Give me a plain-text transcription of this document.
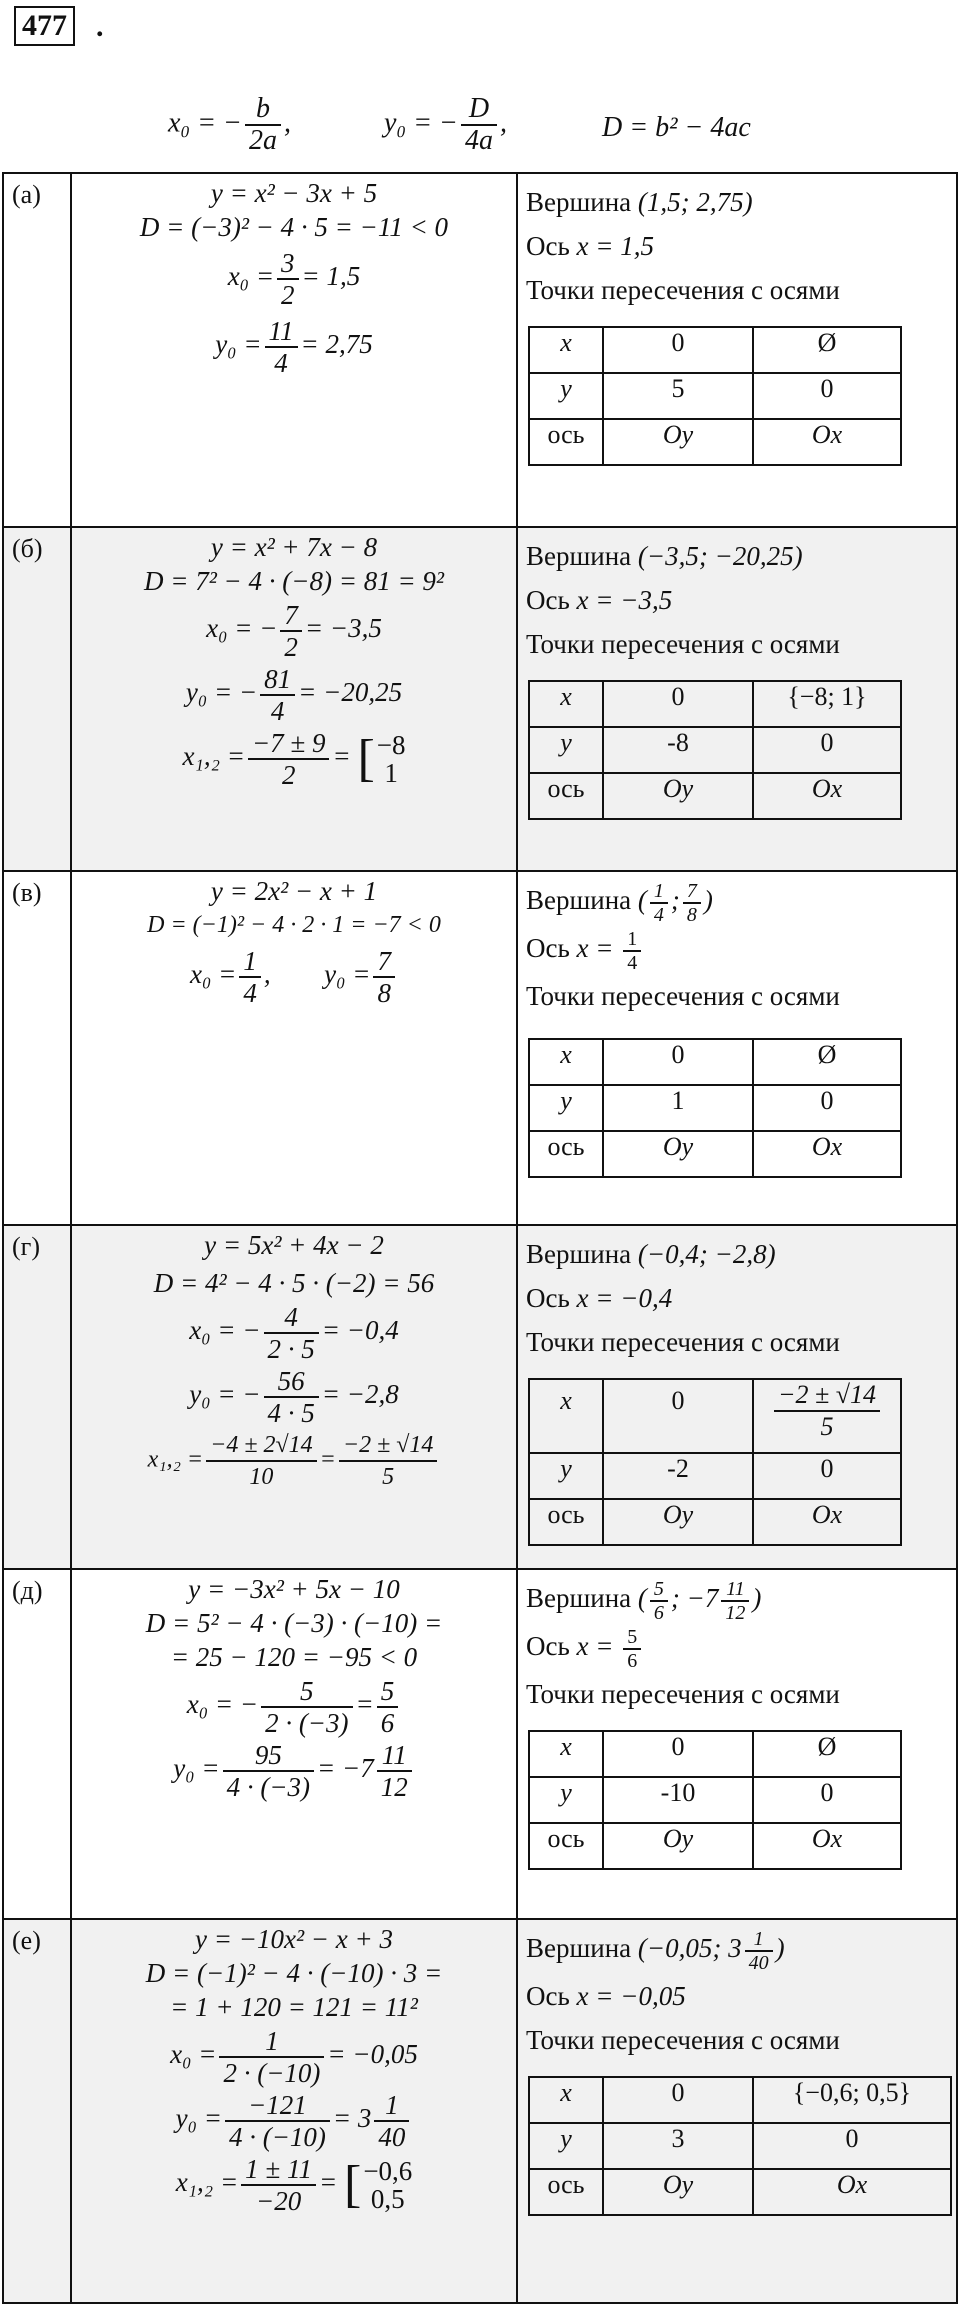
477 .
x₀ = − $\frac{b}{2a}$ ,	y₀ = − $\frac{D}{4a}$ ,	D = b² − 4ac
(а)	y = x² − 3x + 5
D = (−3)² − 4 · 5 = −11 < 0
$x_0 = \frac{3}{2} = 1,5$
$y_0 = \frac{11}{4} = 2,75$

Вершина (1,5; 2,75)
Ось x = 1,5
Точки пересечения с осями
x	0	Ø
y	5	0
ось	Oy	Ox

(б)	y = x² + 7x − 8
D = 7² − 4 · (−8) = 81 = 9²
x₀ = − $\frac{7}{2} = -3,5$
y₀ = − $\frac{81}{4} = -20,25$
$x_1,_2 = \frac{-7 \pm 9}{2}$ = [ −8
1

Вершина (−3,5; −20,25)
Ось x = −3,5
Точки пересечения с осями
x	0	{−8; 1}
y	-8	0
ось	Oy	Ox

(в)	y = 2x² − x + 1
D = (−1)² − 4 · 2 · 1 = −7 < 0
$x_0 = \frac{1}{4}$ , $y_0 = \frac{7}{8}$

Вершина ( $\frac{1}{4}$ ; $\frac{7}{8}$ )
Ось $x = \frac{1}{4}$
Точки пересечения с осями
x	0	Ø
y	1	0
ось	Oy	Ox

(г)	y = 5x² + 4x − 2
D = 4² − 4 · 5 · (−2) = 56
x₀ = − $\frac{4}{2 \cdot 5} = -0,4$
y₀ = − $\frac{56}{4 \cdot 5} = -2,8$
$x_1,_2 = \frac{-4 \pm 2√14}{10} = \frac{-2 \pm √14}{5}$

Вершина (−0,4; −2,8)
Ось x = −0,4
Точки пересечения с осями
x	0	$\frac{-2 \pm √14}{5}$

y	-2	0
ось	Oy	Ox

(д)	y = −3x² + 5x − 10
D = 5² − 4 · (−3) · (−10) =
= 25 − 120 = −95 < 0
x₀ = − $\frac{5}{2 \cdot (-3)} = \frac{5}{6}$
$y_0 = \frac{95}{4 \cdot (-3)} = -7 \frac{11}{12}$

Вершина ( $\frac{5}{6}$ ; $-7 \frac{11}{12}$ )
Ось $x = \frac{5}{6}$
Точки пересечения с осями
x	0	Ø
y	-10	0
ось	Oy	Ox

(е)	y = −10x² − x + 3
D = (−1)² − 4 · (−10) · 3 =
= 1 + 120 = 121 = 11²
$x_0 = \frac{1}{2 \cdot (-10)} = -0,05$
$y_0 = \frac{-121}{4 \cdot (-10)} = 3 \frac{1}{40}$
$x_1,_2 = \frac{1 \pm 11}{-20}$ = [ −0,6
0,5

Вершина (−0,05; $3 \frac{1}{40}$ )
Ось x = −0,05
Точки пересечения с осями
x	0	{−0,6; 0,5}
y	3	0
ось	Oy	Ox
